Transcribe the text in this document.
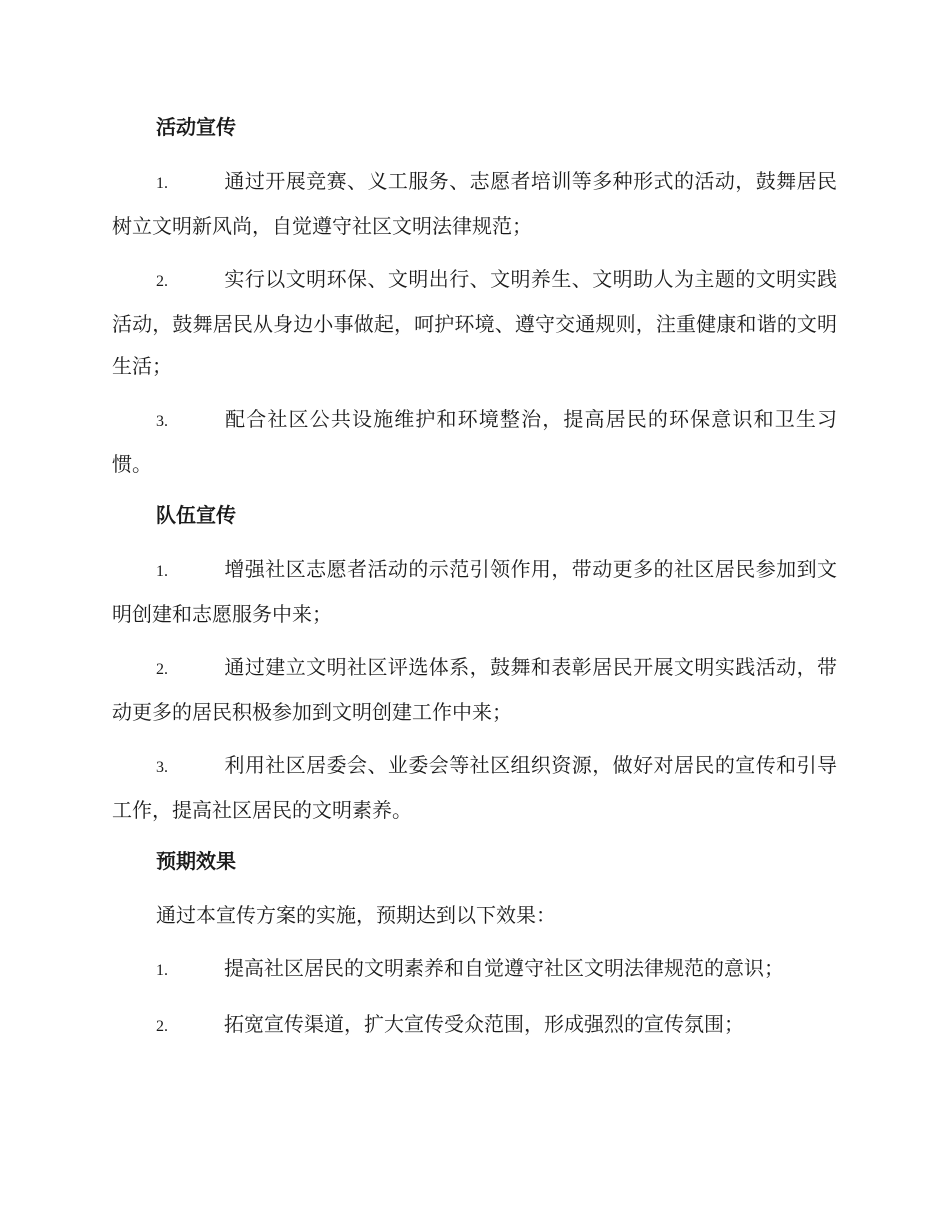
活动宣传
1.	通过开展竞赛、义工服务、志愿者培训等多种形式的活动，鼓舞居民树立文明新风尚，自觉遵守社区文明法律规范；
2.	实行以文明环保、文明出行、文明养生、文明助人为主题的文明实践活动，鼓舞居民从身边小事做起，呵护环境、遵守交通规则，注重健康和谐的文明生活；
3.	配合社区公共设施维护和环境整治，提高居民的环保意识和卫生习惯。
队伍宣传
1.	增强社区志愿者活动的示范引领作用，带动更多的社区居民参加到文明创建和志愿服务中来；
2.	通过建立文明社区评选体系，鼓舞和表彰居民开展文明实践活动，带动更多的居民积极参加到文明创建工作中来；
3.	利用社区居委会、业委会等社区组织资源，做好对居民的宣传和引导工作，提高社区居民的文明素养。
预期效果
通过本宣传方案的实施，预期达到以下效果：
1.	提高社区居民的文明素养和自觉遵守社区文明法律规范的意识；
2.	拓宽宣传渠道，扩大宣传受众范围，形成强烈的宣传氛围；
